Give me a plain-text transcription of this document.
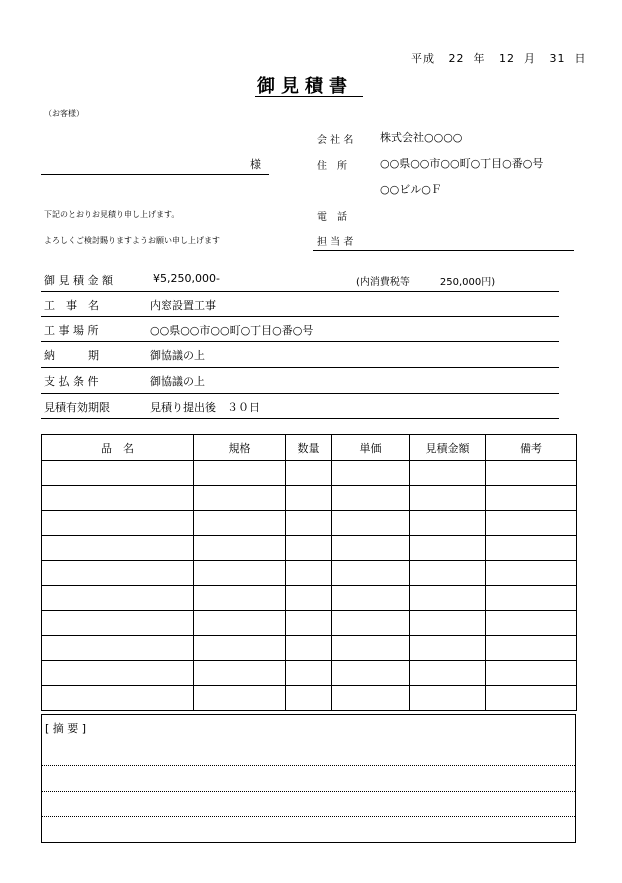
平成 22 年 12 月 31 日
御見積書
（お客様）
様
下記のとおりお見積り申し上げます。
よろしくご検討賜りますようお願い申し上げます
会 社 名 株式会社○○○○
住　所	○○県○○市○○町○丁目○番○号
○○ビル○Ｆ
電　話
担 当 者
御 見 積 金 額	¥5,250,000-	(内消費税等　　　250,000円)
工　事　名	内窓設置工事
工 事 場 所	○○県○○市○○町○丁目○番○号
納　　　期	御協議の上
支 払 条 件	御協議の上
見積有効期限	見積り提出後　３０日
品　名	規格	数量	単価	見積金額	備考

[ 摘 要 ]
